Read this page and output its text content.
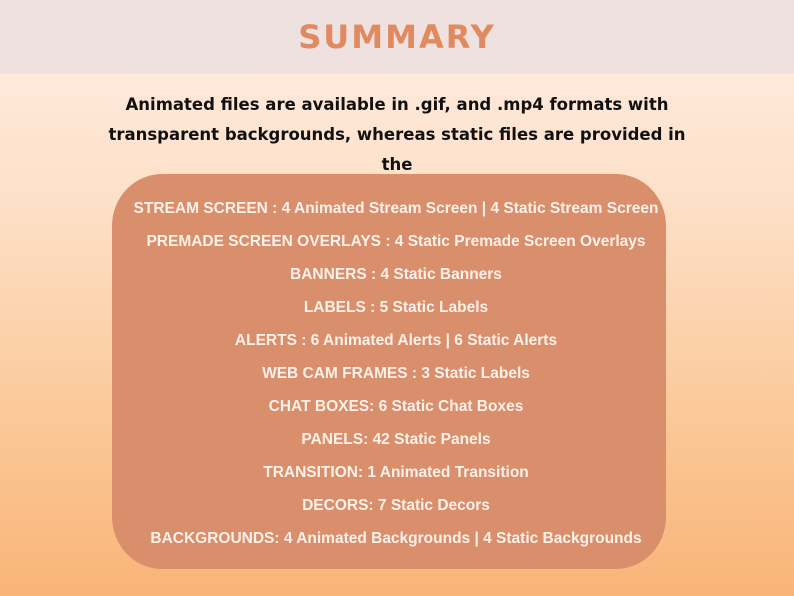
SUMMARY
Animated files are available in .gif, and .mp4 formats with
transparent backgrounds, whereas static files are provided in the
STREAM SCREEN : 4 Animated Stream Screen | 4 Static Stream Screen
PREMADE SCREEN OVERLAYS : 4 Static Premade Screen Overlays
BANNERS : 4 Static Banners
LABELS : 5 Static Labels
ALERTS : 6 Animated Alerts | 6 Static Alerts
WEB CAM FRAMES : 3 Static Labels
CHAT BOXES: 6 Static Chat Boxes
PANELS: 42 Static Panels
TRANSITION: 1 Animated Transition
DECORS: 7 Static Decors
BACKGROUNDS: 4 Animated Backgrounds | 4 Static Backgrounds
